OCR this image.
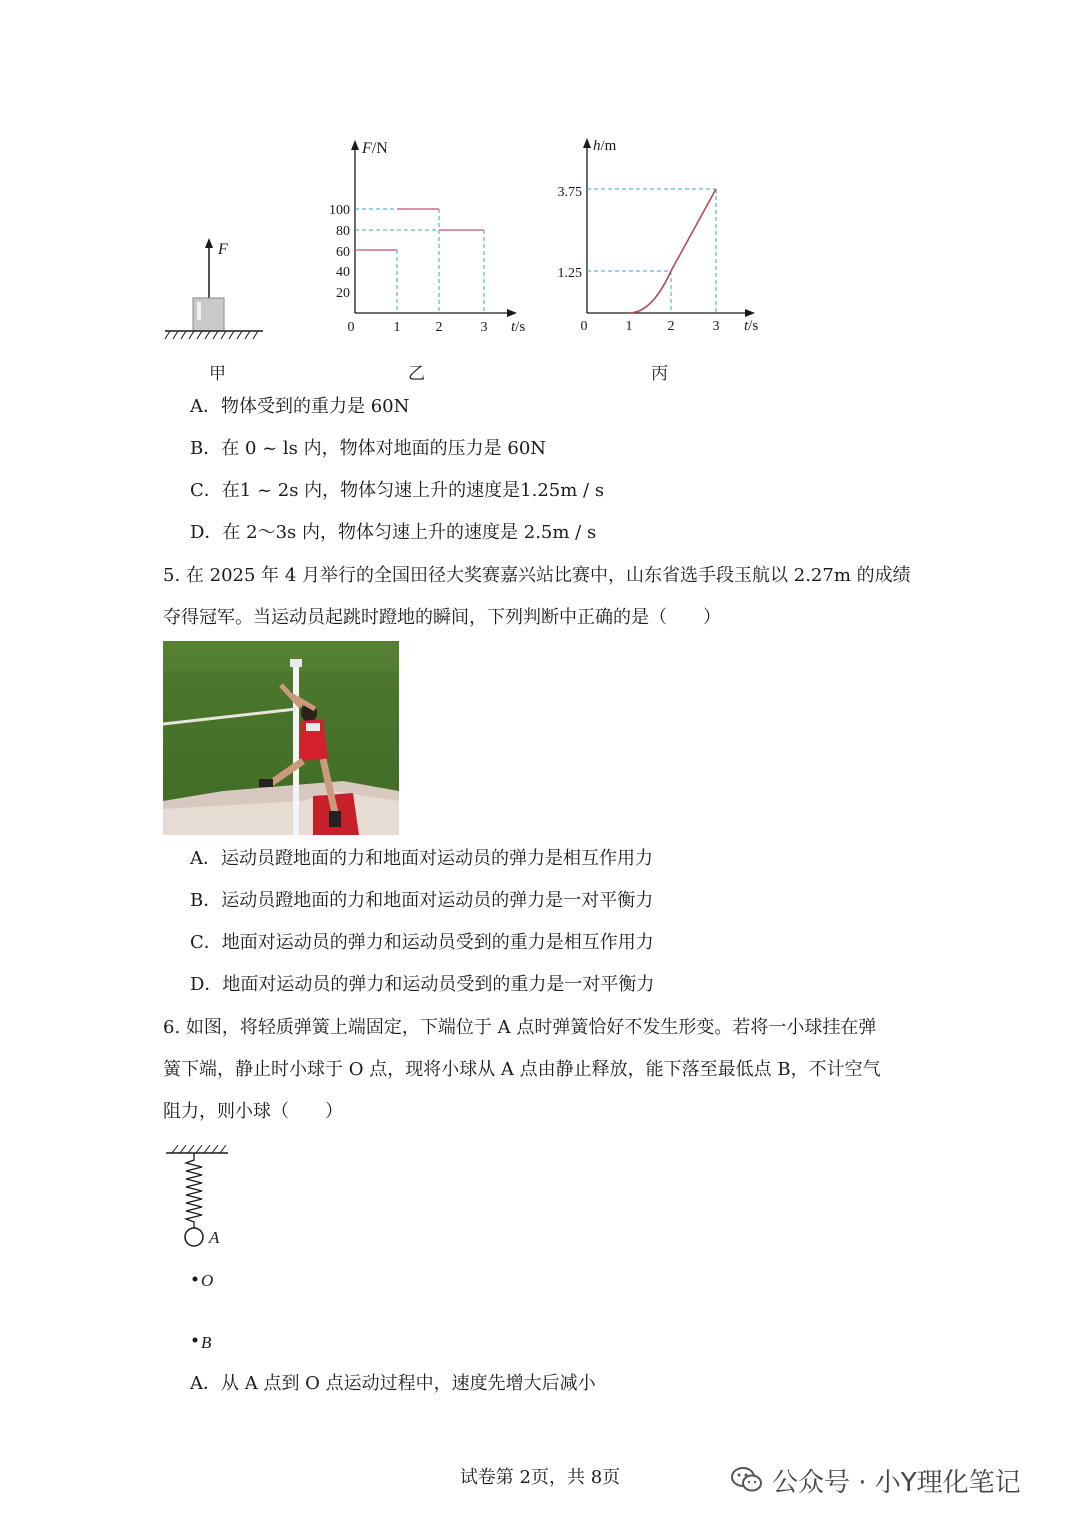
F
甲
F/N
t/s
100
80
60
40
20
0	1	2	3
乙
h/m
t/s
3.75
1.25
0	1	2	3
丙
A．物体受到的重力是 60N
B．在 0 ~ ls 内，物体对地面的压力是 60N
C．在1 ~ 2s 内，物体匀速上升的速度是1.25m / s
D．在 2～3s 内，物体匀速上升的速度是 2.5m / s
5. 在 2025 年 4 月举行的全国田径大奖赛嘉兴站比赛中，山东省选手段玉航以 2.27m 的成绩
夺得冠军。当运动员起跳时蹬地的瞬间，下列判断中正确的是（　　）
A．运动员蹬地面的力和地面对运动员的弹力是相互作用力
B．运动员蹬地面的力和地面对运动员的弹力是一对平衡力
C．地面对运动员的弹力和运动员受到的重力是相互作用力
D．地面对运动员的弹力和运动员受到的重力是一对平衡力
6. 如图，将轻质弹簧上端固定，下端位于 A 点时弹簧恰好不发生形变。若将一小球挂在弹
簧下端，静止时小球于 O 点，现将小球从 A 点由静止释放，能下落至最低点 B，不计空气
阻力，则小球（　　）
A
O
B
A．从 A 点到 O 点运动过程中，速度先增大后减小
试卷第 2页，共 8页	公众号 · 小Y理化笔记
